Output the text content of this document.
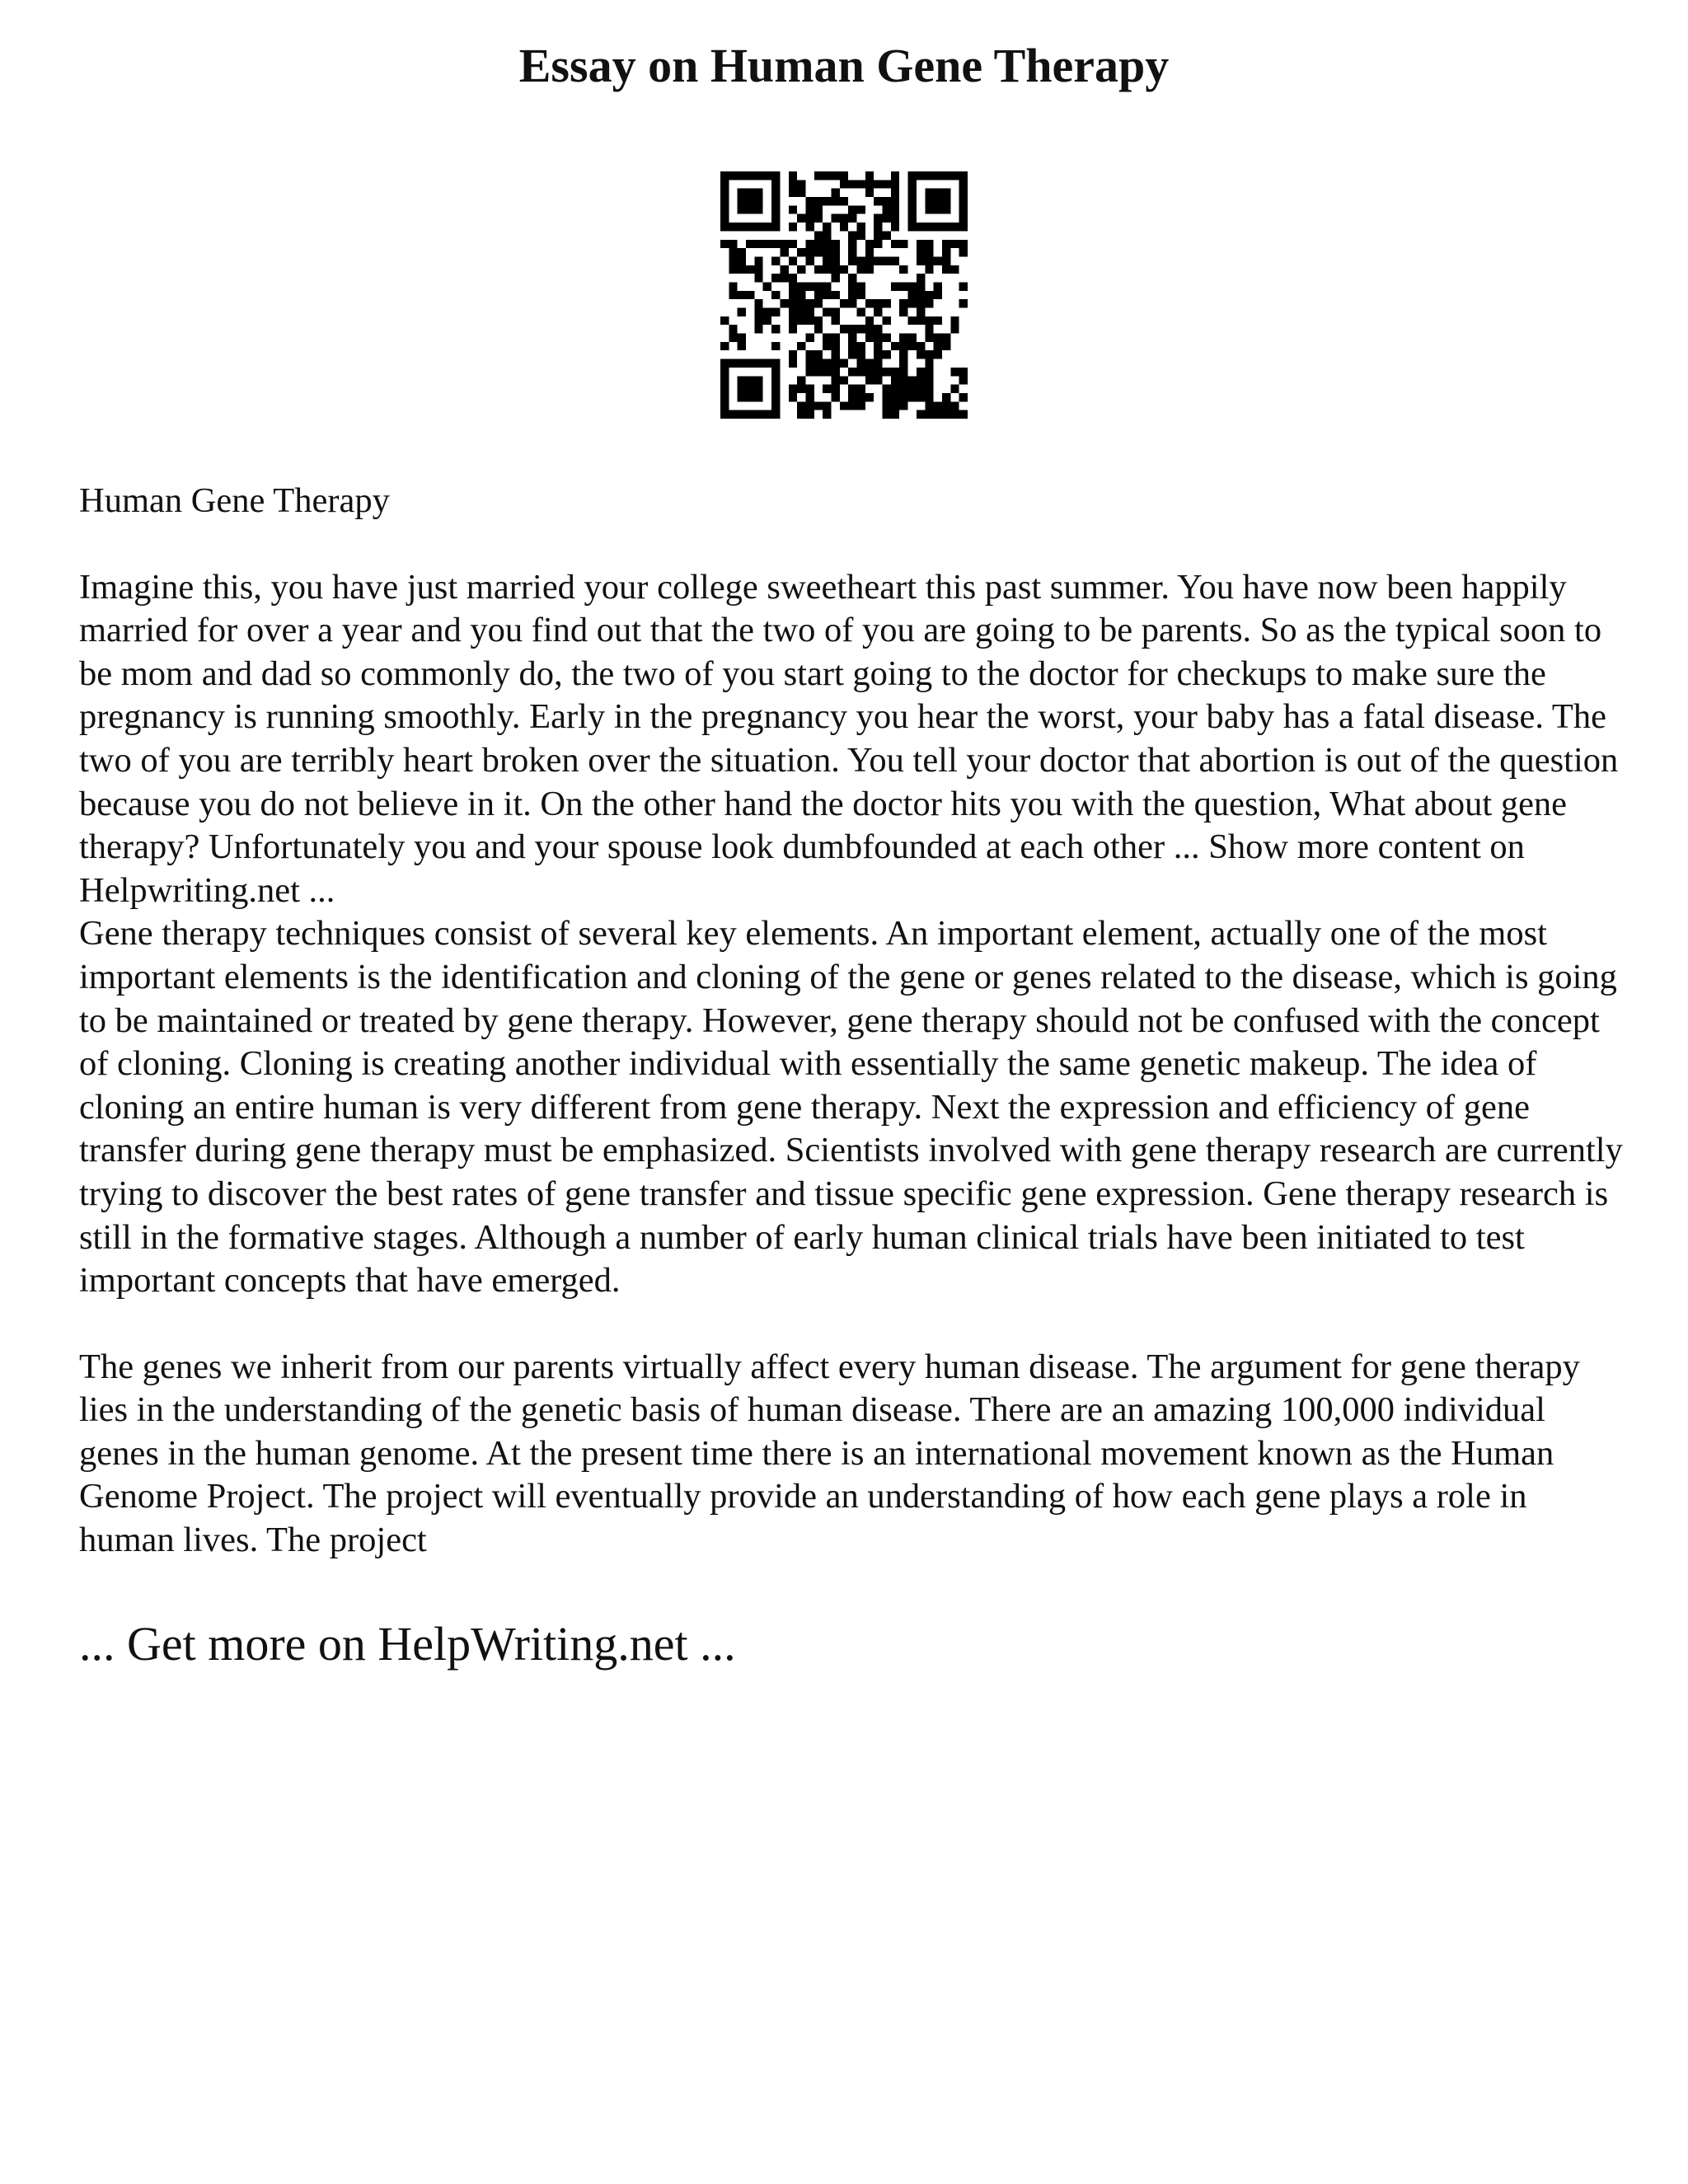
Essay on Human Gene Therapy

Human Gene Therapy

Imagine this, you have just married your college sweetheart this past summer. You have now been happily married for over a year and you find out that the two of you are going to be parents. So as the typical soon to be mom and dad so commonly do, the two of you start going to the doctor for checkups to make sure the pregnancy is running smoothly. Early in the pregnancy you hear the worst, your baby has a fatal disease. The two of you are terribly heart broken over the situation. You tell your doctor that abortion is out of the question because you do not believe in it. On the other hand the doctor hits you with the question, What about gene therapy? Unfortunately you and your spouse look dumbfounded at each other ... Show more content on Helpwriting.net ...

Gene therapy techniques consist of several key elements. An important element, actually one of the most important elements is the identification and cloning of the gene or genes related to the disease, which is going to be maintained or treated by gene therapy. However, gene therapy should not be confused with the concept of cloning. Cloning is creating another individual with essentially the same genetic makeup. The idea of cloning an entire human is very different from gene therapy. Next the expression and efficiency of gene transfer during gene therapy must be emphasized. Scientists involved with gene therapy research are currently trying to discover the best rates of gene transfer and tissue specific gene expression. Gene therapy research is still in the formative stages. Although a number of early human clinical trials have been initiated to test important concepts that have emerged.

The genes we inherit from our parents virtually affect every human disease. The argument for gene therapy lies in the understanding of the genetic basis of human disease. There are an amazing 100,000 individual genes in the human genome. At the present time there is an international movement known as the Human Genome Project. The project will eventually provide an understanding of how each gene plays a role in human lives. The project

... Get more on HelpWriting.net ...
